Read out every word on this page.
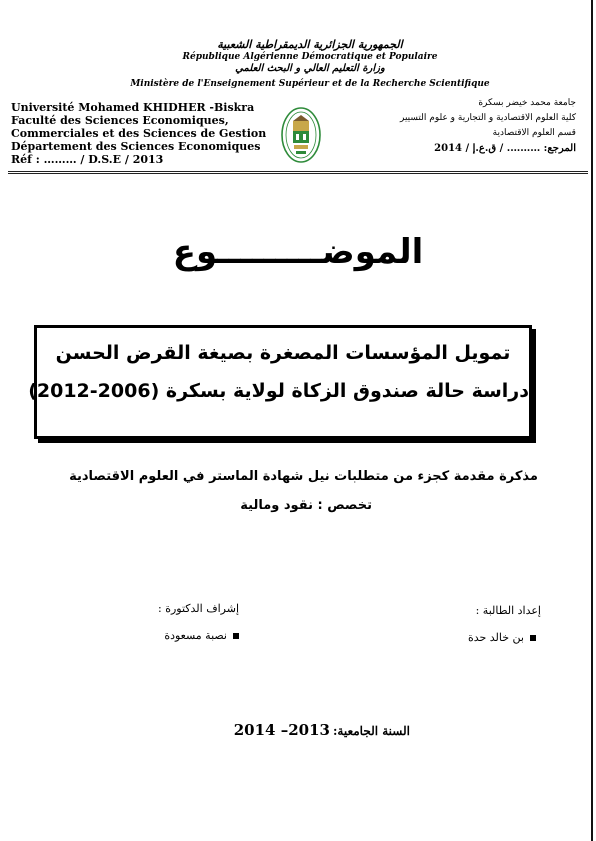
الجمهورية الجزائرية الديمقراطية الشعبية
République Algérienne Démocratique et Populaire
وزارة التعليم العالي و البحث العلمي
Ministère de l'Enseignement Supérieur et de la Recherche Scientifique
Université Mohamed KHIDHER -Biskra
Faculté des Sciences Economiques,
Commerciales et des Sciences de Gestion
Département des Sciences Economiques
Réf : ……… / D.S.E / 2013
جامعة محمد خيضر بسكرة
كلية العلوم الاقتصادية و التجارية و علوم التسيير
قسم العلوم الاقتصادية
المرجع: ………. / ق.ع.إ / 2014
الموضـــــــــوع
تمويل المؤسسات المصغرة بصيغة القرض الحسن
دراسة حالة صندوق الزكاة لولاية بسكرة (2006-2012)
مذكرة مقدمة كجزء من متطلبات نيل شهادة الماستر في العلوم الاقتصادية
تخصص : نقود ومالية
إعداد الطالبة :
إشراف الدكتورة :
بن خالد حدة
نصبة مسعودة
السنة الجامعية:2013– 2014
